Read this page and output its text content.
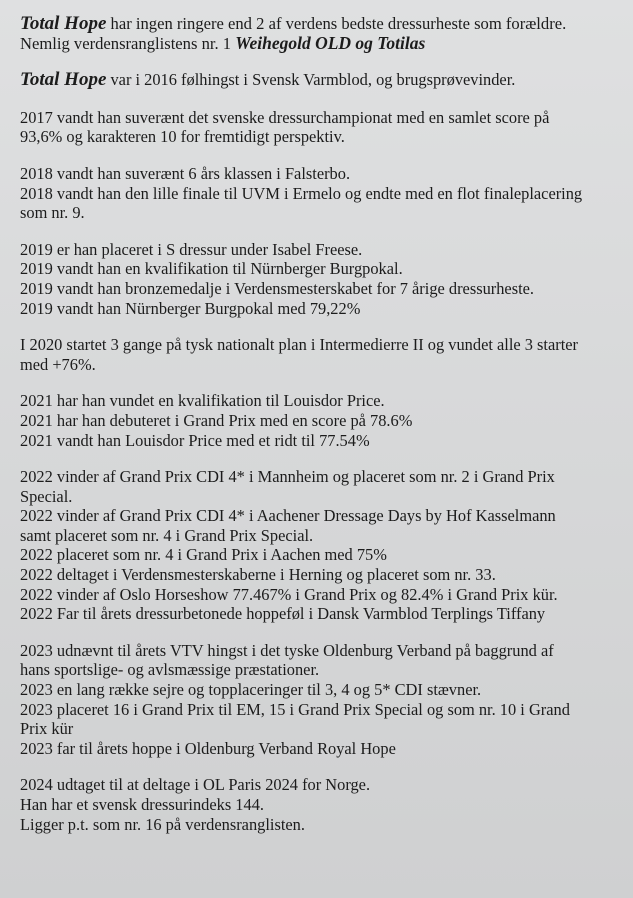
Total Hope har ingen ringere end 2 af verdens bedste dressurheste som forældre.
Nemlig verdensranglistens nr. 1 Weihegold OLD og Totilas
Total Hope var i 2016 følhingst i Svensk Varmblod, og brugsprøvevinder.
2017 vandt han suverænt det svenske dressurchampionat med en samlet score på
93,6% og karakteren 10 for fremtidigt perspektiv.
2018 vandt han suverænt 6 års klassen i Falsterbo.
2018 vandt han den lille finale til UVM i Ermelo og endte med en flot finaleplacering
som nr. 9.
2019 er han placeret i S dressur under Isabel Freese.
2019 vandt han en kvalifikation til Nürnberger Burgpokal.
2019 vandt han bronzemedalje i Verdensmesterskabet for 7 årige dressurheste.
2019 vandt han Nürnberger Burgpokal med 79,22%
I 2020 startet 3 gange på tysk nationalt plan i Intermedierre II og vundet alle 3 starter
med +76%.
2021 har han vundet en kvalifikation til Louisdor Price.
2021 har han debuteret i Grand Prix med en score på 78.6%
2021 vandt han Louisdor Price med et ridt til 77.54%
2022 vinder af Grand Prix CDI 4* i Mannheim og placeret som nr. 2 i Grand Prix
Special.
2022 vinder af Grand Prix CDI 4* i Aachener Dressage Days by Hof Kasselmann
samt placeret som nr. 4 i Grand Prix Special.
2022 placeret som nr. 4 i Grand Prix i Aachen med 75%
2022 deltaget i Verdensmesterskaberne i Herning og placeret som nr. 33.
2022 vinder af Oslo Horseshow 77.467% i Grand Prix og 82.4% i Grand Prix kür.
2022 Far til årets dressurbetonede hoppeføl i Dansk Varmblod Terplings Tiffany
2023 udnævnt til årets VTV hingst i det tyske Oldenburg Verband på baggrund af
hans sportslige- og avlsmæssige præstationer.
2023 en lang række sejre og topplaceringer til 3, 4 og 5* CDI stævner.
2023 placeret 16 i Grand Prix til EM, 15 i Grand Prix Special og som nr. 10 i Grand
Prix kür
2023 far til årets hoppe i Oldenburg Verband Royal Hope
2024 udtaget til at deltage i OL Paris 2024 for Norge.
Han har et svensk dressurindeks 144.
Ligger p.t. som nr. 16 på verdensranglisten.
